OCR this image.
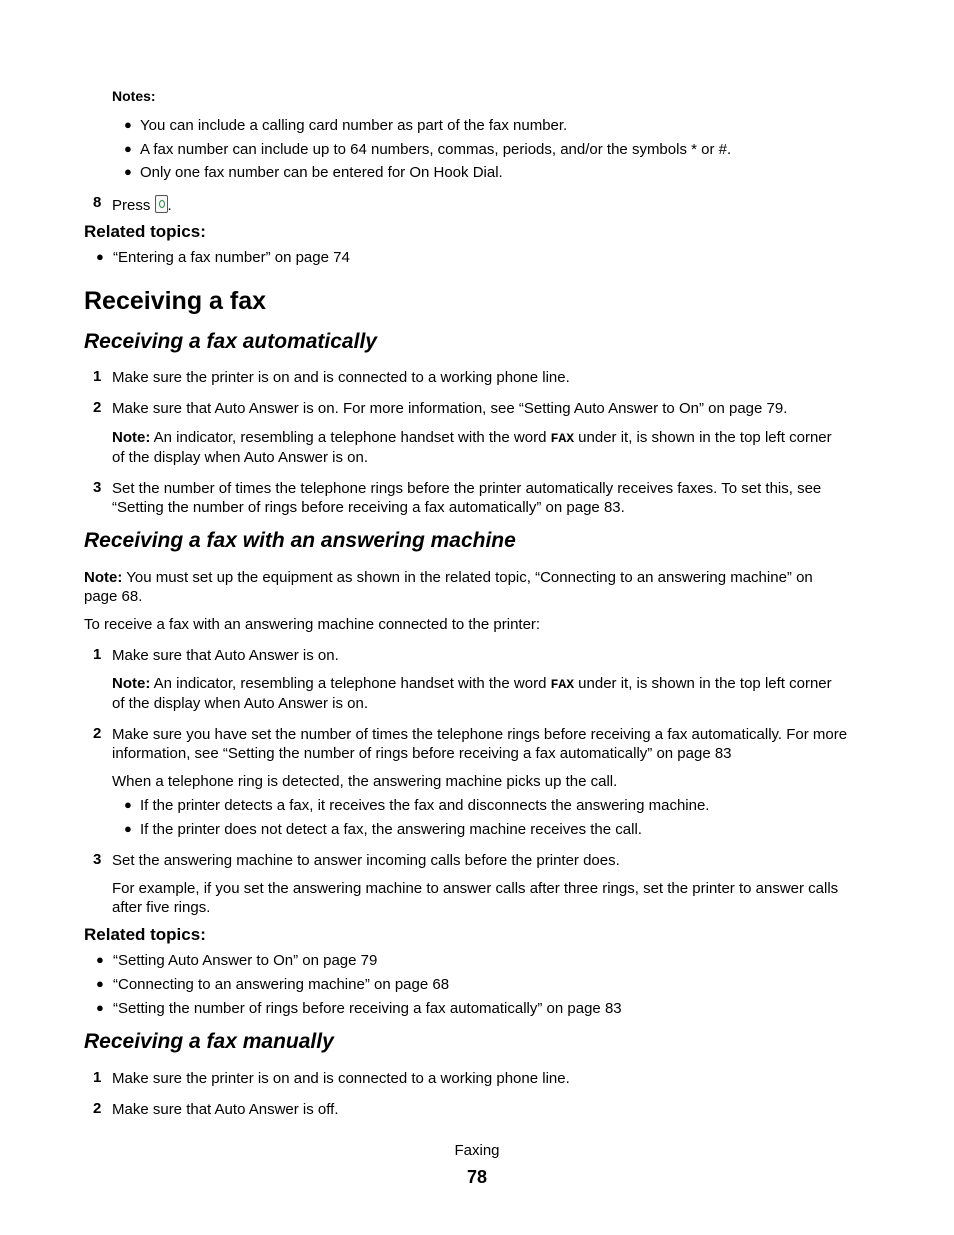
Notes:
● You can include a calling card number as part of the fax number.
● A fax number can include up to 64 numbers, commas, periods, and/or the symbols * or #.
● Only one fax number can be entered for On Hook Dial.
8 Press .
Related topics:
● “Entering a fax number” on page 74
Receiving a fax
Receiving a fax automatically
1 Make sure the printer is on and is connected to a working phone line.
2 Make sure that Auto Answer is on. For more information, see “Setting Auto Answer to On” on page 79.
Note: An indicator, resembling a telephone handset with the word FAX under it, is shown in the top left corner
of the display when Auto Answer is on.
3 Set the number of times the telephone rings before the printer automatically receives faxes. To set this, see
“Setting the number of rings before receiving a fax automatically” on page 83.
Receiving a fax with an answering machine
Note: You must set up the equipment as shown in the related topic, “Connecting to an answering machine” on
page 68.
To receive a fax with an answering machine connected to the printer:
1 Make sure that Auto Answer is on.
Note: An indicator, resembling a telephone handset with the word FAX under it, is shown in the top left corner
of the display when Auto Answer is on.
2 Make sure you have set the number of times the telephone rings before receiving a fax automatically. For more
information, see “Setting the number of rings before receiving a fax automatically” on page 83
When a telephone ring is detected, the answering machine picks up the call.
● If the printer detects a fax, it receives the fax and disconnects the answering machine.
● If the printer does not detect a fax, the answering machine receives the call.
3 Set the answering machine to answer incoming calls before the printer does.
For example, if you set the answering machine to answer calls after three rings, set the printer to answer calls
after five rings.
Related topics:
● “Setting Auto Answer to On” on page 79
● “Connecting to an answering machine” on page 68
● “Setting the number of rings before receiving a fax automatically” on page 83
Receiving a fax manually
1 Make sure the printer is on and is connected to a working phone line.
2 Make sure that Auto Answer is off.
Faxing
78
